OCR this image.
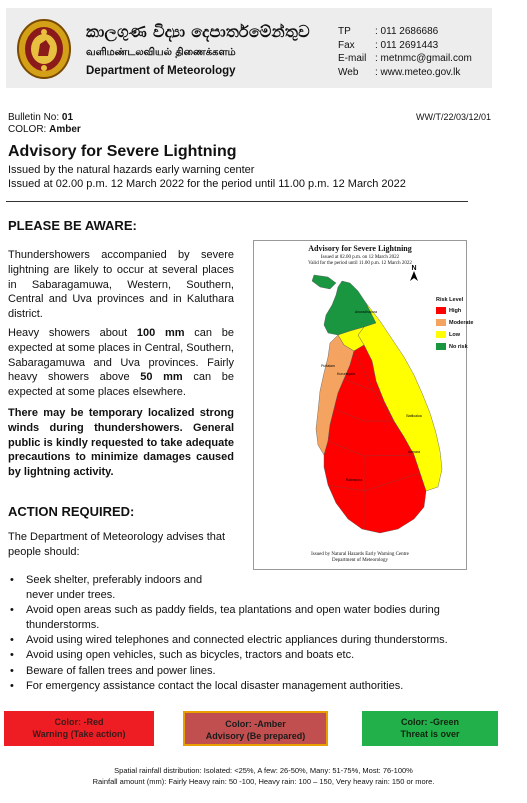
කාලගුණ විද්‍යා දෙපාර්තමේන්තුව
வளிமண்டலவியல் திணைக்களம்
Department of Meteorology
TP	: 011 2686686
Fax	: 011 2691443
E-mail : metnmc@gmail.com
Web	: www.meteo.gov.lk
Bulletin No: 01
COLOR: Amber
WW/T/22/03/12/01
Advisory for Severe Lightning
Issued by the natural hazards early warning center
Issued at 02.00 p.m. 12 March 2022 for the period until 11.00 p.m. 12 March 2022
PLEASE BE AWARE:
Thundershowers accompanied by severe lightning are likely to occur at several places in Sabaragamuwa, Western, Southern, Central and Uva provinces and in Kaluthara district.
Heavy showers about 100 mm can be expected at some places in Central, Southern, Sabaragamuwa and Uva provinces. Fairly heavy showers above 50 mm can be expected at some places elsewhere.
There may be temporary localized strong winds during thundershowers. General public is kindly requested to take adequate precautions to minimize damages caused by lightning activity.
ACTION REQUIRED:
The Department of Meteorology advises that people should:
• Seek shelter, preferably indoors and never under trees.
• Avoid open areas such as paddy fields, tea plantations and open water bodies during thunderstorms.
• Avoid using wired telephones and connected electric appliances during thunderstorms.
• Avoid using open vehicles, such as bicycles, tractors and boats etc.
• Beware of fallen trees and power lines.
• For emergency assistance contact the local disaster management authorities.
Advisory for Severe Lightning
Issued at 02.00 p.m. on 12 March 2022
Valid for the period until 11.00 p.m. 12 March 2022
N
Anuradhapura
Puttalam
Kurunegala
Batticaloa
Ampara
Ratnapura
Risk Level
High
Moderate
Low
No risk
Issued by Natural Hazards Early Warning Centre
Department of Meteorology
Color: -Red
Warning (Take action)
Color: -Amber
Advisory (Be prepared)
Color: -Green
Threat is over
Spatial rainfall distribution: Isolated: <25%, A few: 26-50%, Many: 51-75%, Most: 76-100%
Rainfall amount (mm): Fairly Heavy rain: 50 -100, Heavy rain: 100 – 150, Very heavy rain: 150 or more.
